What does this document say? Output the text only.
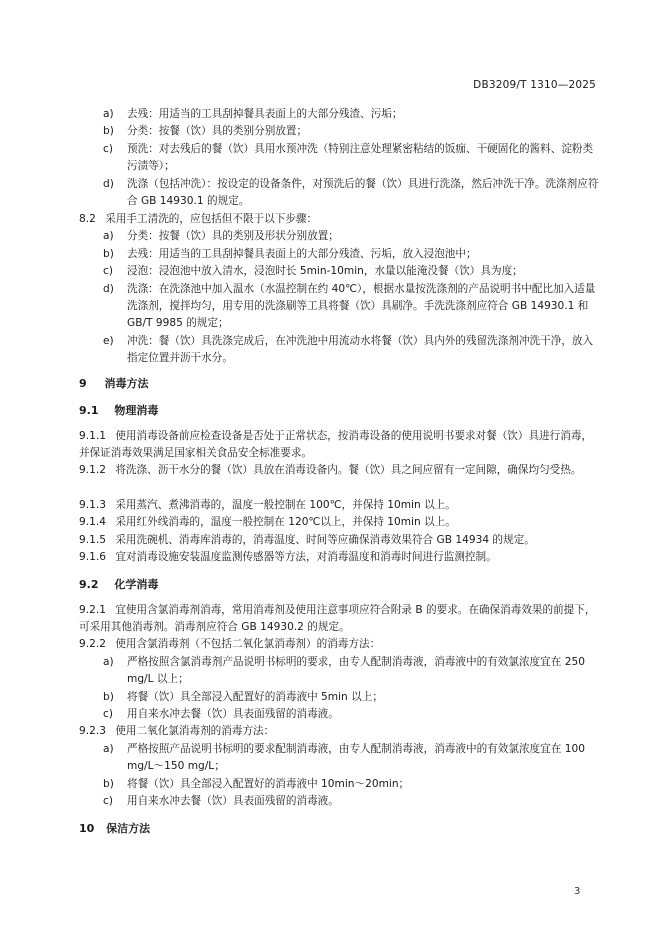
DB3209/T 1310—2025
a) 去残：用适当的工具刮掉餐具表面上的大部分残渣、污垢；
b) 分类：按餐（饮）具的类别分别放置；
c) 预洗：对去残后的餐（饮）具用水预冲洗（特别注意处理紧密粘结的饭痂、干硬固化的酱料、淀粉类污渍等）；
d) 洗涤（包括冲洗）：按设定的设备条件，对预洗后的餐（饮）具进行洗涤，然后冲洗干净。洗涤剂应符合 GB 14930.1 的规定。
8.2 采用手工清洗的，应包括但不限于以下步骤：
a) 分类：按餐（饮）具的类别及形状分别放置；
b) 去残：用适当的工具刮掉餐具表面上的大部分残渣、污垢，放入浸泡池中；
c) 浸泡：浸泡池中放入清水，浸泡时长 5min-10min，水量以能淹没餐（饮）具为度；
d) 洗涤：在洗涤池中加入温水（水温控制在约 40℃），根据水量按洗涤剂的产品说明书中配比加入适量洗涤剂，搅拌均匀，用专用的洗涤刷等工具将餐（饮）具刷净。手洗洗涤剂应符合 GB 14930.1 和 GB/T 9985 的规定；
e) 冲洗：餐（饮）具洗涤完成后，在冲洗池中用流动水将餐（饮）具内外的残留洗涤剂冲洗干净，放入指定位置并沥干水分。
9 消毒方法
9.1 物理消毒
9.1.1 使用消毒设备前应检查设备是否处于正常状态，按消毒设备的使用说明书要求对餐（饮）具进行消毒，并保证消毒效果满足国家相关食品安全标准要求。
9.1.2 将洗涤、沥干水分的餐（饮）具放在消毒设备内。餐（饮）具之间应留有一定间隙，确保均匀受热。
9.1.3 采用蒸汽、煮沸消毒的，温度一般控制在 100℃，并保持 10min 以上。
9.1.4 采用红外线消毒的，温度一般控制在 120℃以上，并保持 10min 以上。
9.1.5 采用洗碗机、消毒库消毒的，消毒温度、时间等应确保消毒效果符合 GB 14934 的规定。
9.1.6 宜对消毒设施安装温度监测传感器等方法，对消毒温度和消毒时间进行监测控制。
9.2 化学消毒
9.2.1 宜使用含氯消毒剂消毒，常用消毒剂及使用注意事项应符合附录 B 的要求。在确保消毒效果的前提下，可采用其他消毒剂。消毒剂应符合 GB 14930.2 的规定。
9.2.2 使用含氯消毒剂（不包括二氧化氯消毒剂）的消毒方法：
a) 严格按照含氯消毒剂产品说明书标明的要求，由专人配制消毒液，消毒液中的有效氯浓度宜在 250 mg/L 以上；
b) 将餐（饮）具全部浸入配置好的消毒液中 5min 以上；
c) 用自来水冲去餐（饮）具表面残留的消毒液。
9.2.3 使用二氧化氯消毒剂的消毒方法：
a) 严格按照产品说明书标明的要求配制消毒液，由专人配制消毒液，消毒液中的有效氯浓度宜在 100 mg/L～150 mg/L；
b) 将餐（饮）具全部浸入配置好的消毒液中 10min～20min；
c) 用自来水冲去餐（饮）具表面残留的消毒液。
10 保洁方法
3
